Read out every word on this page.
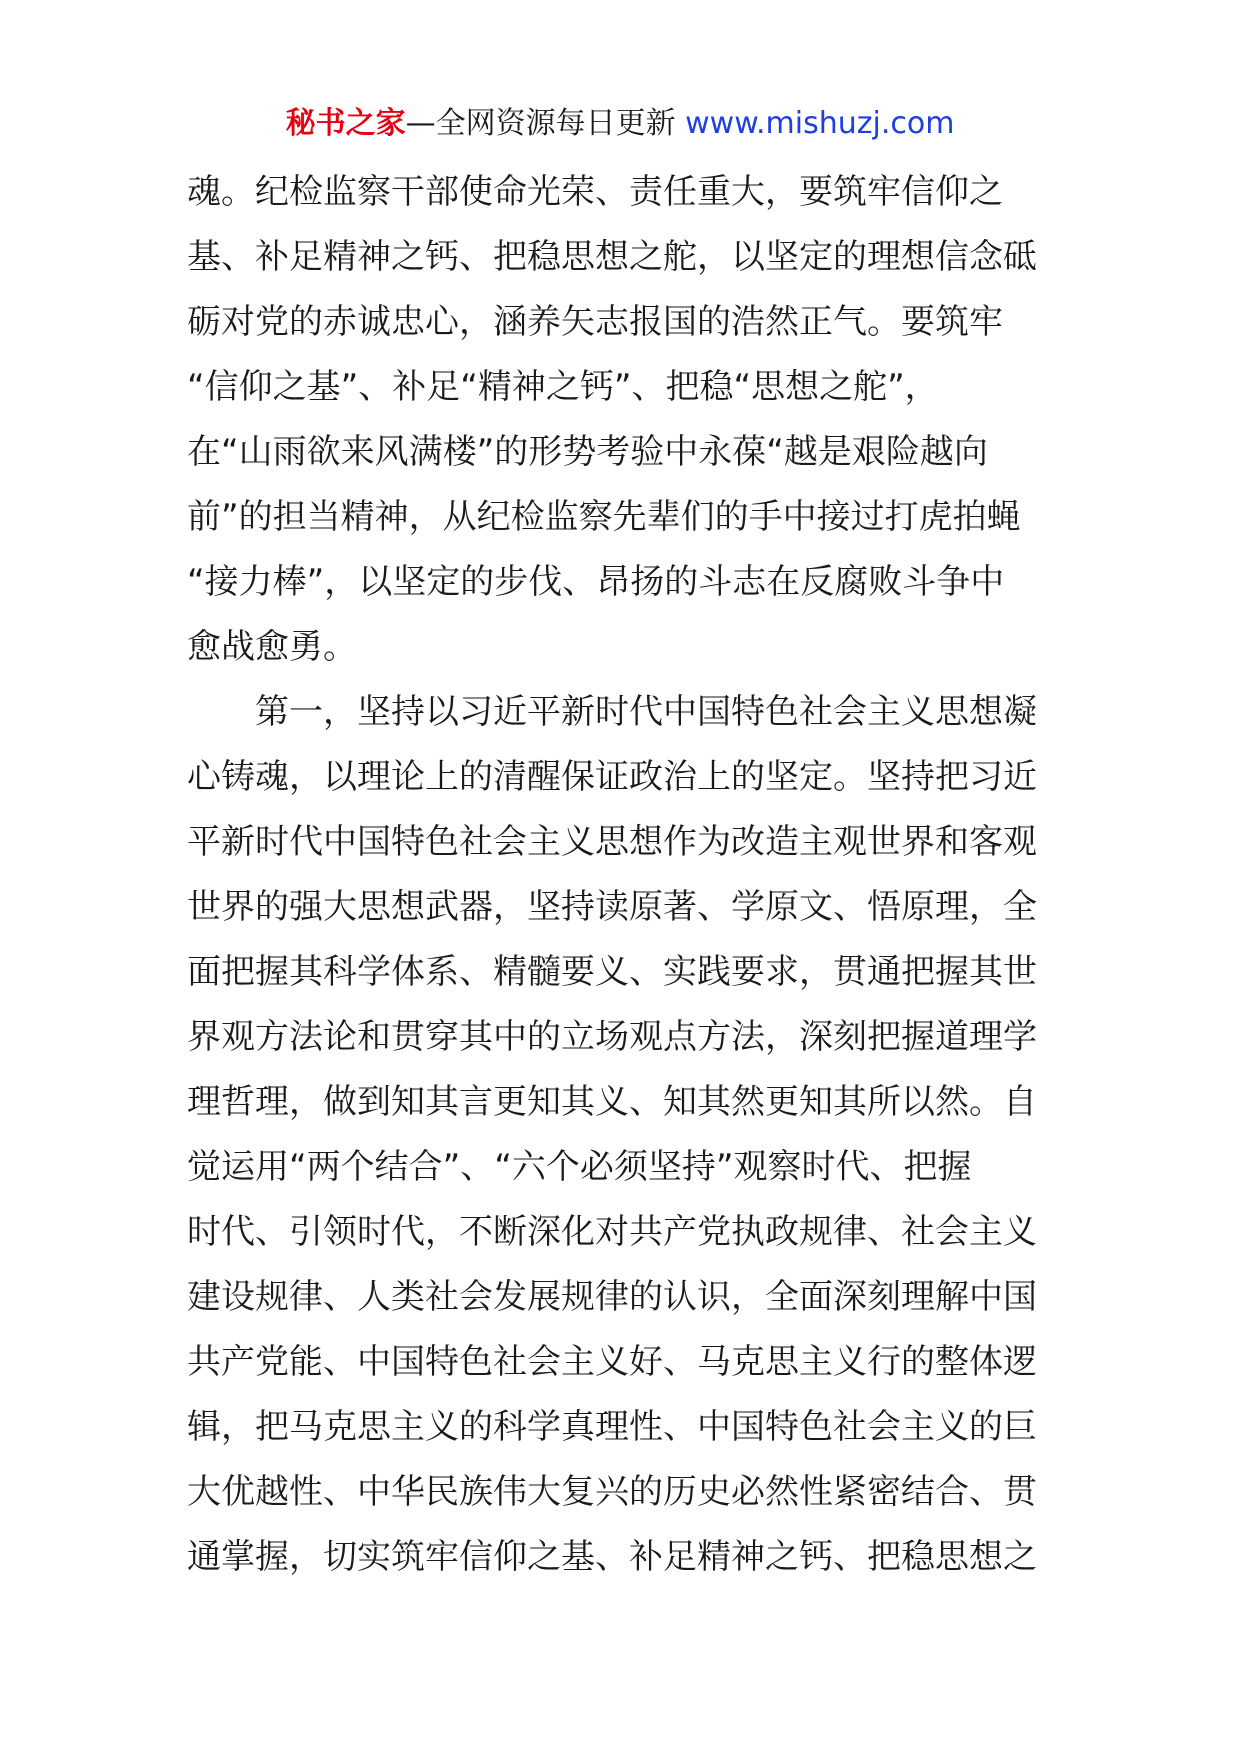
秘书之家—全网资源每日更新 www.mishuzj.com
魂。纪检监察干部使命光荣、责任重大，要筑牢信仰之
基、补足精神之钙、把稳思想之舵，以坚定的理想信念砥
砺对党的赤诚忠心，涵养矢志报国的浩然正气。要筑牢
“信仰之基”、补足“精神之钙”、把稳“思想之舵”，
在“山雨欲来风满楼”的形势考验中永葆“越是艰险越向
前”的担当精神，从纪检监察先辈们的手中接过打虎拍蝇
“接力棒”，以坚定的步伐、昂扬的斗志在反腐败斗争中
愈战愈勇。
第一，坚持以习近平新时代中国特色社会主义思想凝
心铸魂，以理论上的清醒保证政治上的坚定。坚持把习近
平新时代中国特色社会主义思想作为改造主观世界和客观
世界的强大思想武器，坚持读原著、学原文、悟原理，全
面把握其科学体系、精髓要义、实践要求，贯通把握其世
界观方法论和贯穿其中的立场观点方法，深刻把握道理学
理哲理，做到知其言更知其义、知其然更知其所以然。自
觉运用“两个结合”、“六个必须坚持”观察时代、把握
时代、引领时代，不断深化对共产党执政规律、社会主义
建设规律、人类社会发展规律的认识，全面深刻理解中国
共产党能、中国特色社会主义好、马克思主义行的整体逻
辑，把马克思主义的科学真理性、中国特色社会主义的巨
大优越性、中华民族伟大复兴的历史必然性紧密结合、贯
通掌握，切实筑牢信仰之基、补足精神之钙、把稳思想之
